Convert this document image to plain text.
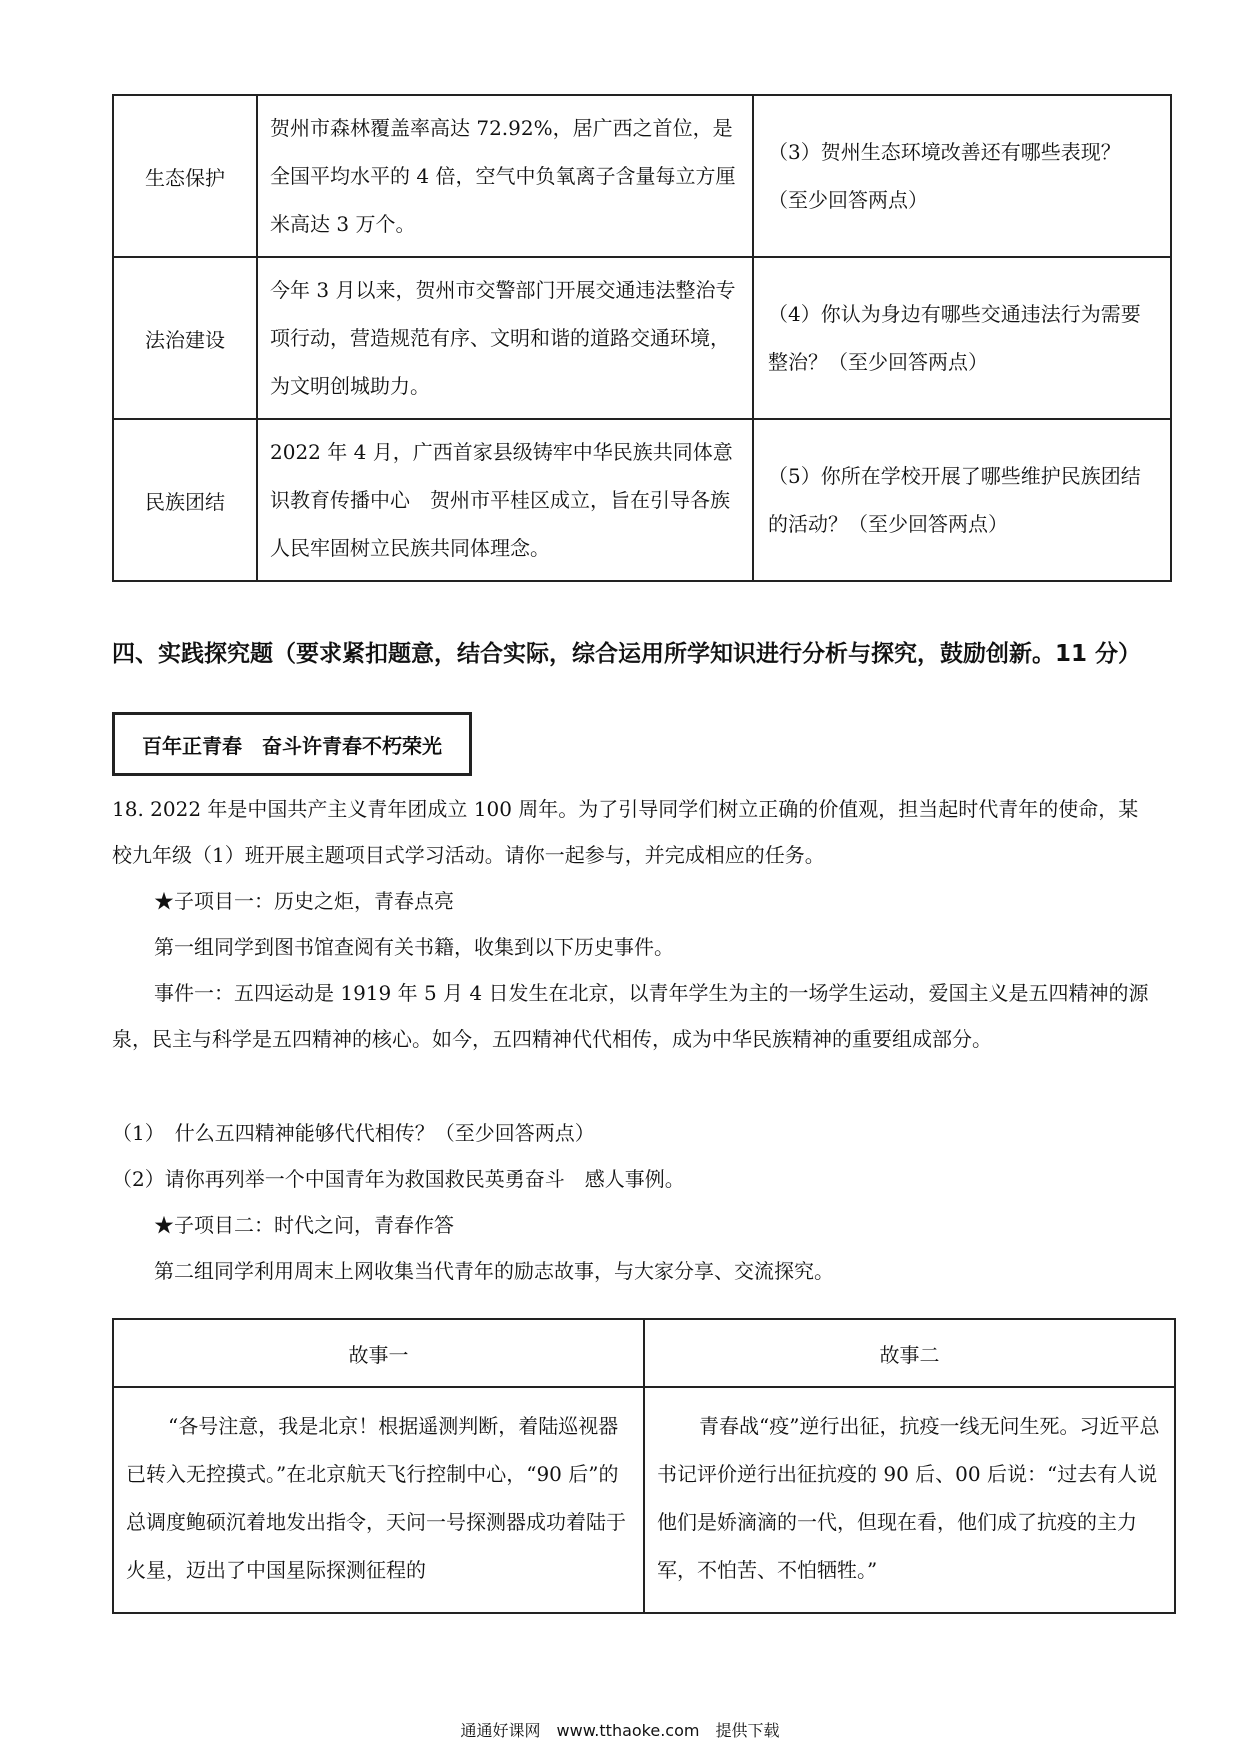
生态保护	贺州市森林覆盖率高达 72.92%，居广西之首位，是全国平均水平的 4 倍，空气中负氧离子含量每立方厘米高达 3 万个。	（3）贺州生态环境改善还有哪些表现？（至少回答两点）
法治建设	今年 3 月以来，贺州市交警部门开展交通违法整治专项行动，营造规范有序、文明和谐的道路交通环境，为文明创城助力。	（4）你认为身边有哪些交通违法行为需要整治？（至少回答两点）
民族团结	2022 年 4 月，广西首家县级铸牢中华民族共同体意识教育传播中心　贺州市平桂区成立，旨在引导各族人民牢固树立民族共同体理念。	（5）你所在学校开展了哪些维护民族团结的活动？（至少回答两点）
四、实践探究题（要求紧扣题意，结合实际，综合运用所学知识进行分析与探究，鼓励创新。11 分）
百年正青春　奋斗许青春不朽荣光
18. 2022 年是中国共产主义青年团成立 100 周年。为了引导同学们树立正确的价值观，担当起时代青年的使命，某校九年级（1）班开展主题项目式学习活动。请你一起参与，并完成相应的任务。
★子项目一：历史之炬，青春点亮
第一组同学到图书馆查阅有关书籍，收集到以下历史事件。
事件一：五四运动是 1919 年 5 月 4 日发生在北京，以青年学生为主的一场学生运动，爱国主义是五四精神的源泉，民主与科学是五四精神的核心。如今，五四精神代代相传，成为中华民族精神的重要组成部分。
（1）　什么五四精神能够代代相传？（至少回答两点）
（2）请你再列举一个中国青年为救国救民英勇奋斗　感人事例。
★子项目二：时代之问，青春作答
第二组同学利用周末上网收集当代青年的励志故事，与大家分享、交流探究。
故事一	故事二
“各号注意，我是北京！根据遥测判断，着陆巡视器已转入无控摸式。”在北京航天飞行控制中心，“90 后”的总调度鲍硕沉着地发出指令，天问一号探测器成功着陆于火星，迈出了中国星际探测征程的	青春战“疫”逆行出征，抗疫一线无问生死。习近平总书记评价逆行出征抗疫的 90 后、00 后说：“过去有人说他们是娇滴滴的一代，但现在看，他们成了抗疫的主力军，不怕苦、不怕牺牲。”
通通好课网　www.tthaoke.com　提供下载
